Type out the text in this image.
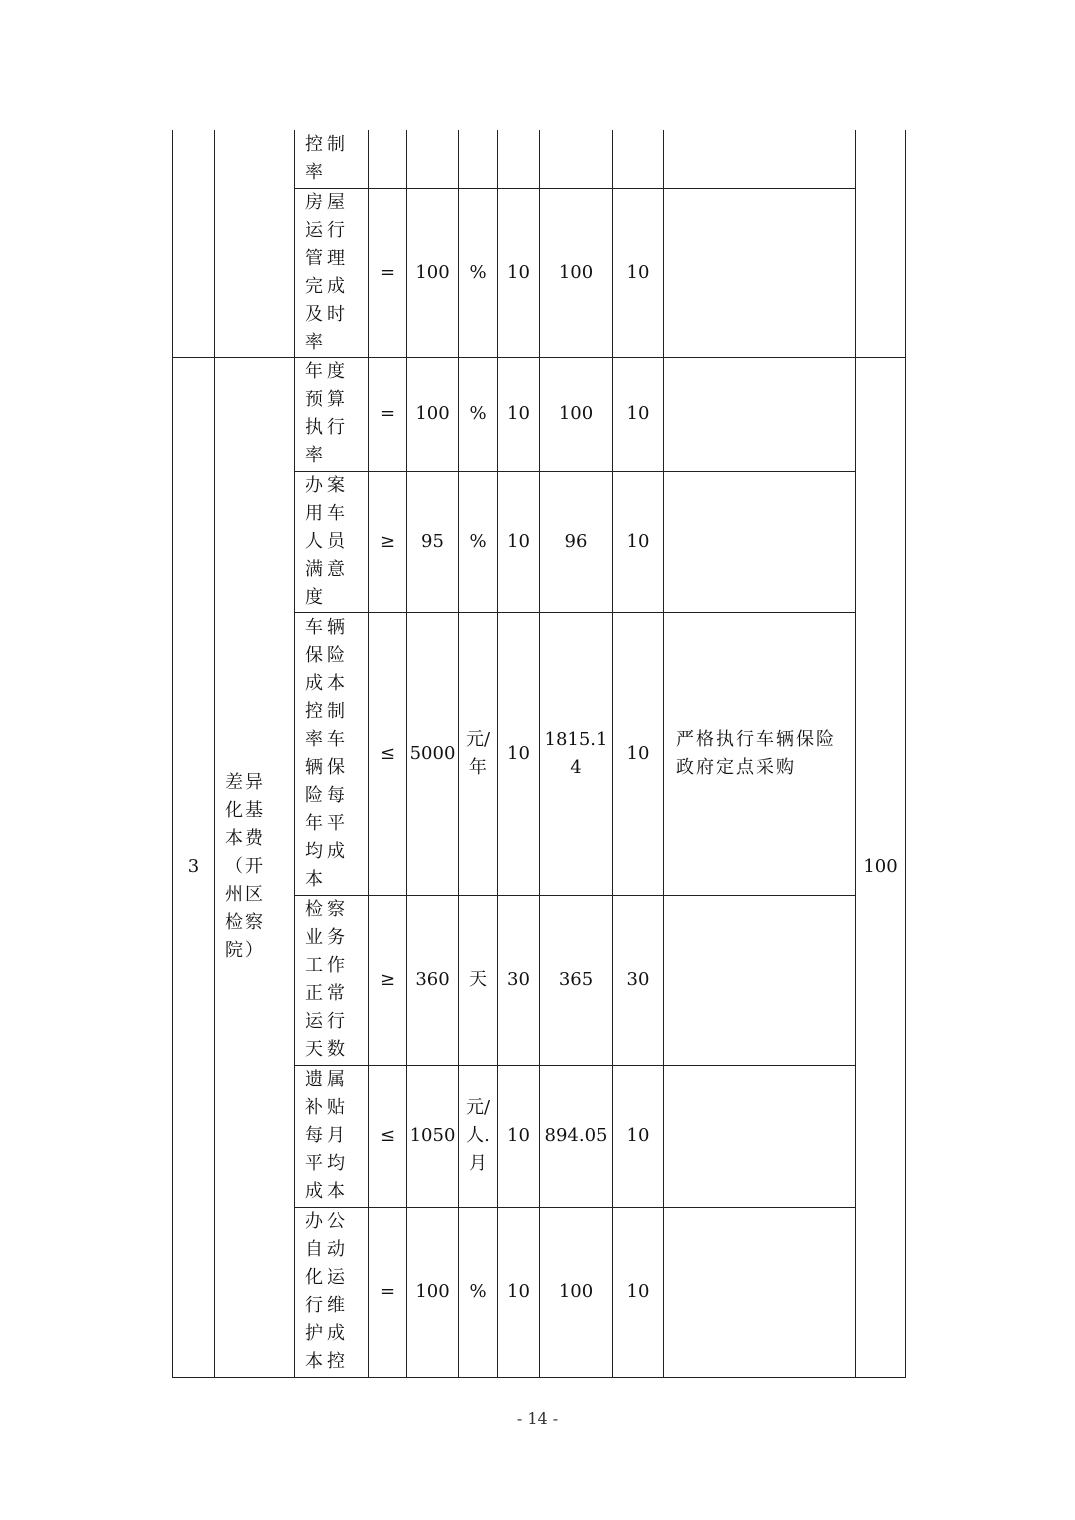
		控制率								
		房屋运行管理完成及时率	=	100	%	10	100	10		
3	差异化基本费（开州区检察院）	年度预算执行率	=	100	%	10	100	10		100
		办案用车人员满意度	≥	95	%	10	96	10		
		车辆保险成本控制率车辆保险每年平均成本	≤	5000	元/年	10	1815.14	10	严格执行车辆保险政府定点采购	
		检察业务工作正常运行天数	≥	360	天	30	365	30		
		遗属补贴每月平均成本	≤	1050	元/人.月	10	894.05	10		
		办公自动化运行维护成本控	=	100	%	10	100	10		
- 14 -
